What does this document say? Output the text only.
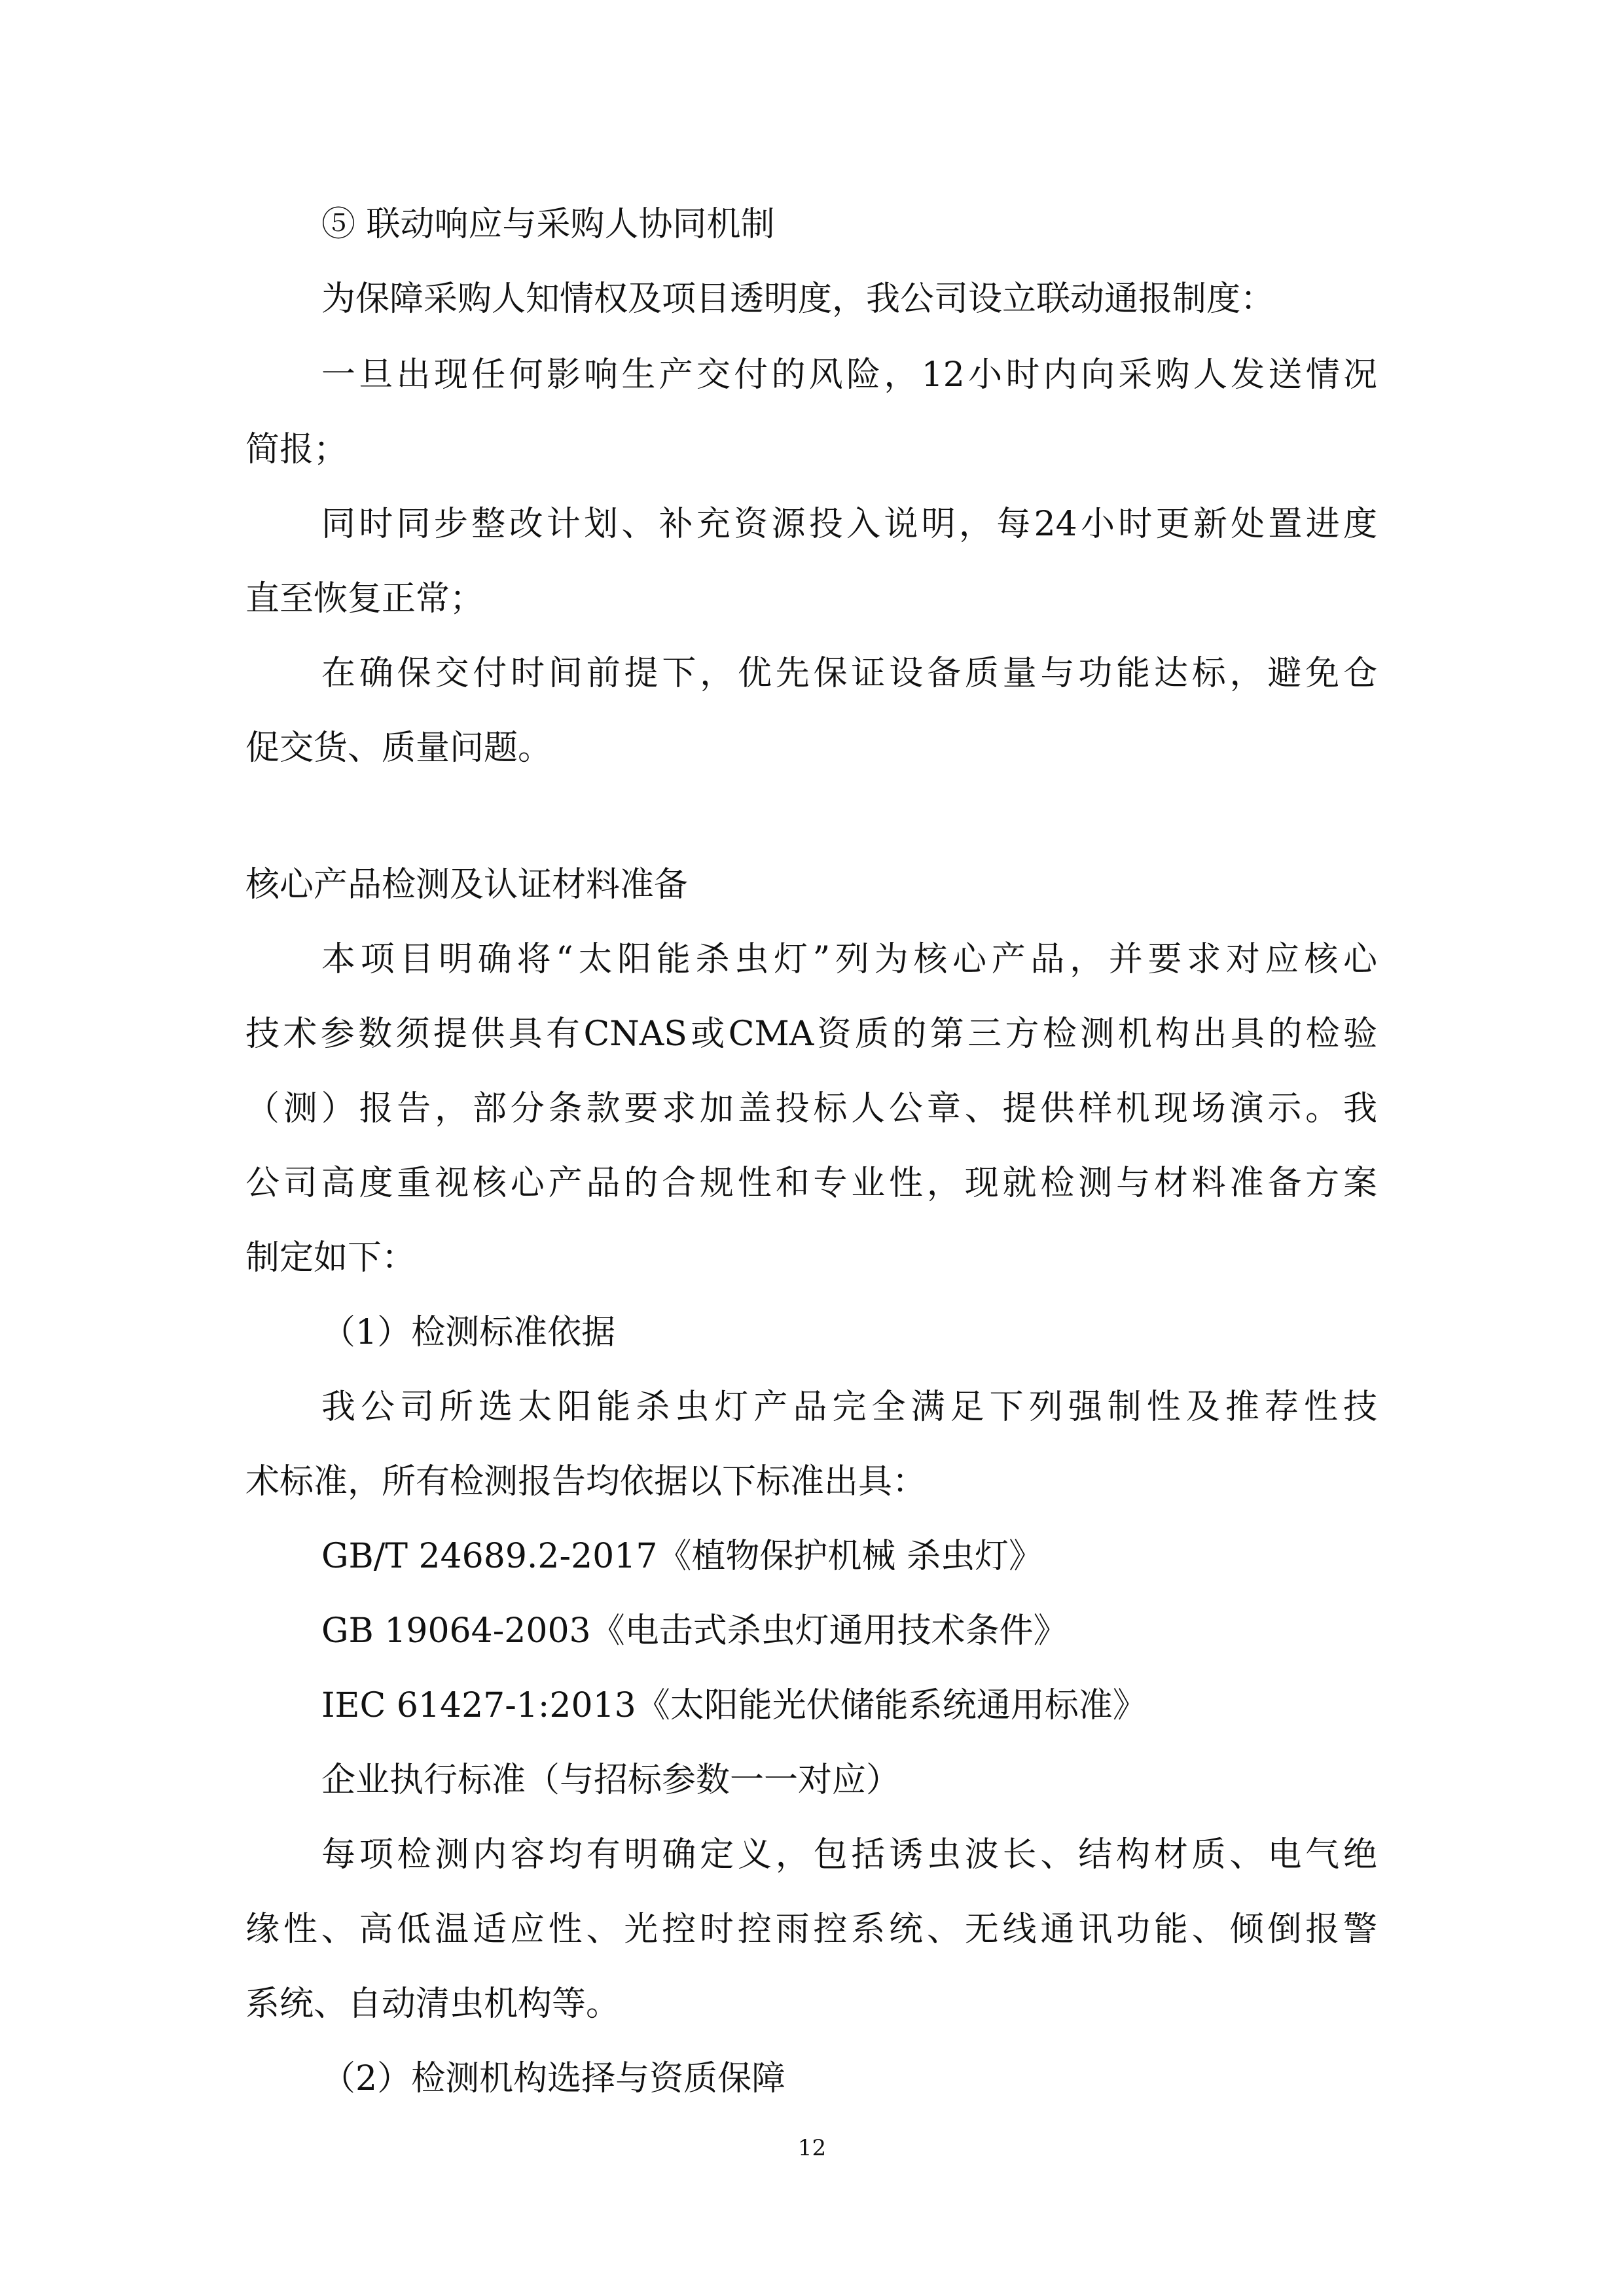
⑤ 联动响应与采购人协同机制
为保障采购人知情权及项目透明度，我公司设立联动通报制度：
一旦出现任何影响生产交付的风险，12小时内向采购人发送情况
简报；
同时同步整改计划、补充资源投入说明，每24小时更新处置进度
直至恢复正常；
在确保交付时间前提下，优先保证设备质量与功能达标，避免仓
促交货、质量问题。
核心产品检测及认证材料准备
本项目明确将“太阳能杀虫灯”列为核心产品，并要求对应核心
技术参数须提供具有CNAS或CMA资质的第三方检测机构出具的检验
（测）报告，部分条款要求加盖投标人公章、提供样机现场演示。我
公司高度重视核心产品的合规性和专业性，现就检测与材料准备方案
制定如下：
（1）检测标准依据
我公司所选太阳能杀虫灯产品完全满足下列强制性及推荐性技
术标准，所有检测报告均依据以下标准出具：
GB/T 24689.2-2017《植物保护机械 杀虫灯》
GB 19064-2003《电击式杀虫灯通用技术条件》
IEC 61427-1:2013《太阳能光伏储能系统通用标准》
企业执行标准（与招标参数一一对应）
每项检测内容均有明确定义，包括诱虫波长、结构材质、电气绝
缘性、高低温适应性、光控时控雨控系统、无线通讯功能、倾倒报警
系统、自动清虫机构等。
（2）检测机构选择与资质保障
12
